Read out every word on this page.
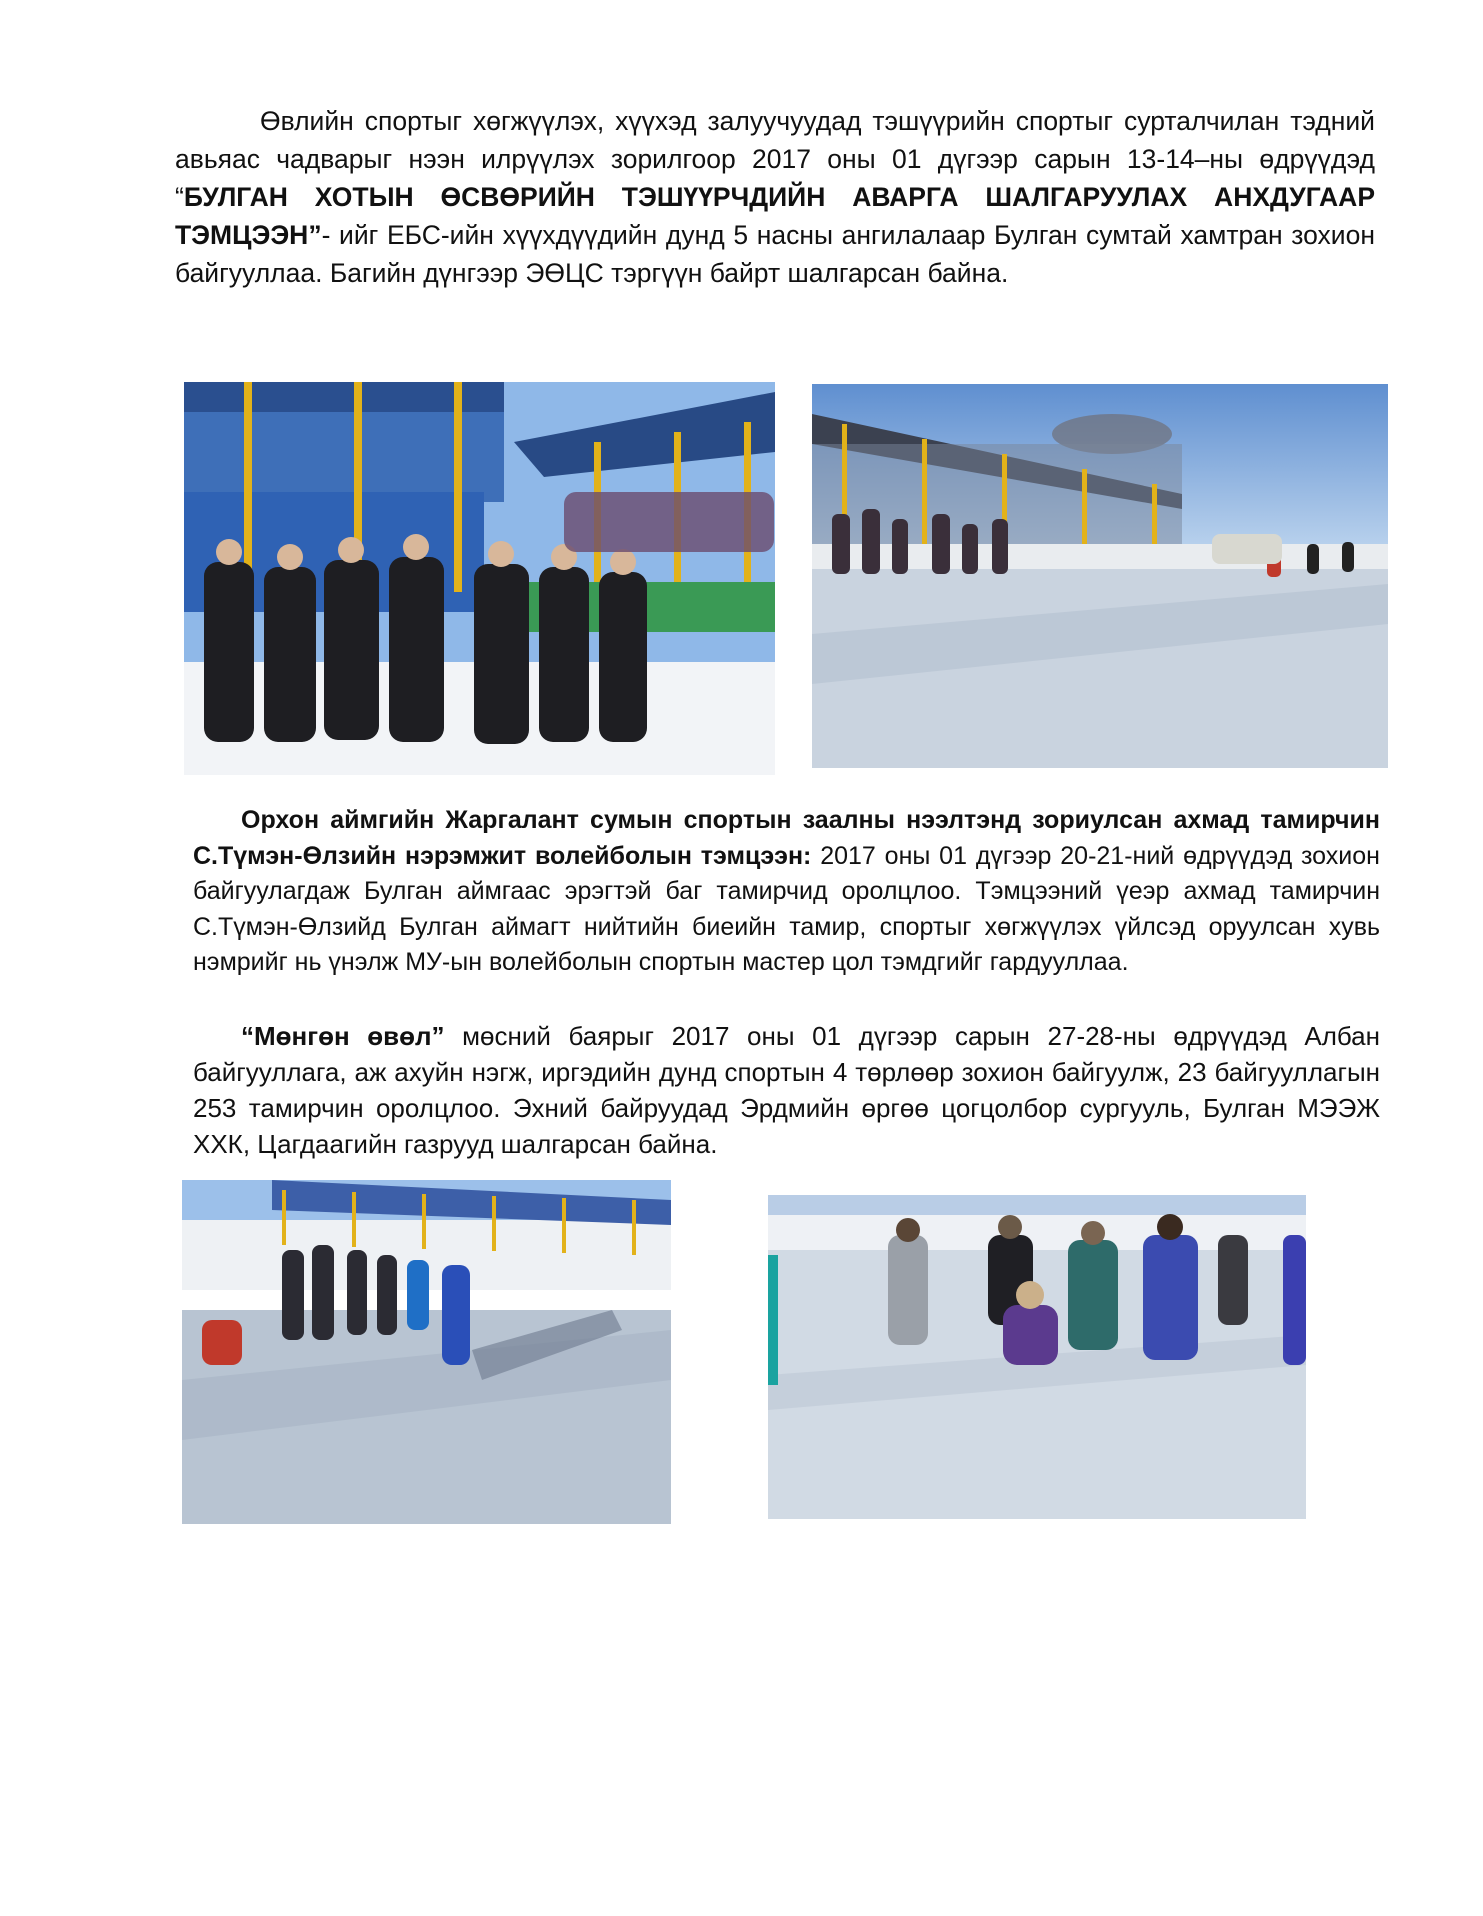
Өвлийн спортыг хөгжүүлэх, хүүхэд залуучуудад тэшүүрийн спортыг сурталчилан тэдний авьяас чадварыг нээн илрүүлэх зорилгоор 2017 оны 01 дүгээр сарын 13-14–ны өдрүүдэд “БУЛГАН ХОТЫН ӨСВӨРИЙН ТЭШҮҮРЧДИЙН АВАРГА ШАЛГАРУУЛАХ АНХДУГААР ТЭМЦЭЭН”- ийг ЕБС-ийн хүүхдүүдийн дунд 5 насны ангилалаар Булган сумтай хамтран зохион байгууллаа. Багийн дүнгээр ЭӨЦС тэргүүн байрт шалгарсан байна.

Орхон аймгийн Жаргалант сумын спортын заалны нээлтэнд зориулсан ахмад тамирчин С.Түмэн-Өлзийн нэрэмжит волейболын тэмцээн: 2017 оны 01 дүгээр 20-21-ний өдрүүдэд зохион байгуулагдаж Булган аймгаас эрэгтэй баг тамирчид оролцлоо. Тэмцээний үеэр ахмад тамирчин С.Түмэн-Өлзийд Булган аймагт нийтийн биеийн тамир, спортыг хөгжүүлэх үйлсэд оруулсан хувь нэмрийг нь үнэлж МУ-ын волейболын спортын мастер цол тэмдгийг гардууллаа.

“Мөнгөн өвөл” мөсний баярыг 2017 оны 01 дүгээр сарын 27-28-ны өдрүүдэд Албан байгууллага, аж ахуйн нэгж, иргэдийн дунд спортын 4 төрлөөр зохион байгуулж, 23 байгууллагын 253 тамирчин оролцлоо. Эхний байруудад Эрдмийн өргөө цогцолбор сургууль, Булган МЭЭЖ ХХК, Цагдаагийн газрууд шалгарсан байна.
